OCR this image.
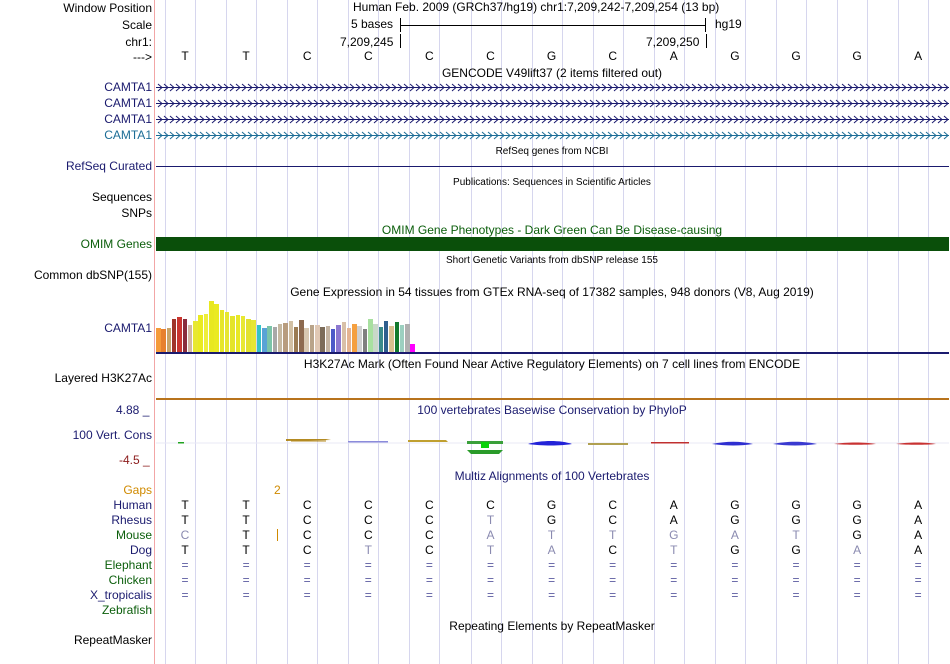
Window Position
Scale
chr1:
--->
Human Feb. 2009 (GRCh37/hg19) chr1:7,209,242-7,209,254 (13 bp)
5 bases	hg19
7,209,245	7,209,250
T	T	C	C	C	C	G	C	A	G	G	G	A
GENCODE V49lift37 (2 items filtered out)
CAMTA1
CAMTA1
CAMTA1
CAMTA1
RefSeq Curated
RefSeq genes from NCBI
Publications: Sequences in Scientific Articles
Sequences
SNPs
OMIM Gene Phenotypes - Dark Green Can Be Disease-causing
OMIM Genes
Short Genetic Variants from dbSNP release 155
Common dbSNP(155)
Gene Expression in 54 tissues from GTEx RNA-seq of 17382 samples, 948 donors (V8, Aug 2019)
CAMTA1
H3K27Ac Mark (Often Found Near Active Regulatory Elements) on 7 cell lines from ENCODE
Layered H3K27Ac
100 vertebrates Basewise Conservation by PhyloP
4.88 _
100 Vert. Cons
-4.5 _
Multiz Alignments of 100 Vertebrates
Gaps	2
Human	T	T	C	C	C	C	G	C	A	G	G	G	A
Rhesus	T	T	C	C	C	T	G	C	A	G	G	G	A
Mouse	C	T	C	C	C	A	T	T	G	A	T	G	A
Dog	T	T	C	T	C	T	A	C	T	G	G	A	A
Elephant	=	=	=	=	=	=	=	=	=	=	=	=	=
Chicken	=	=	=	=	=	=	=	=	=	=	=	=	=
X_tropicalis	=	=	=	=	=	=	=	=	=	=	=	=	=
Zebrafish
Repeating Elements by RepeatMasker
RepeatMasker
